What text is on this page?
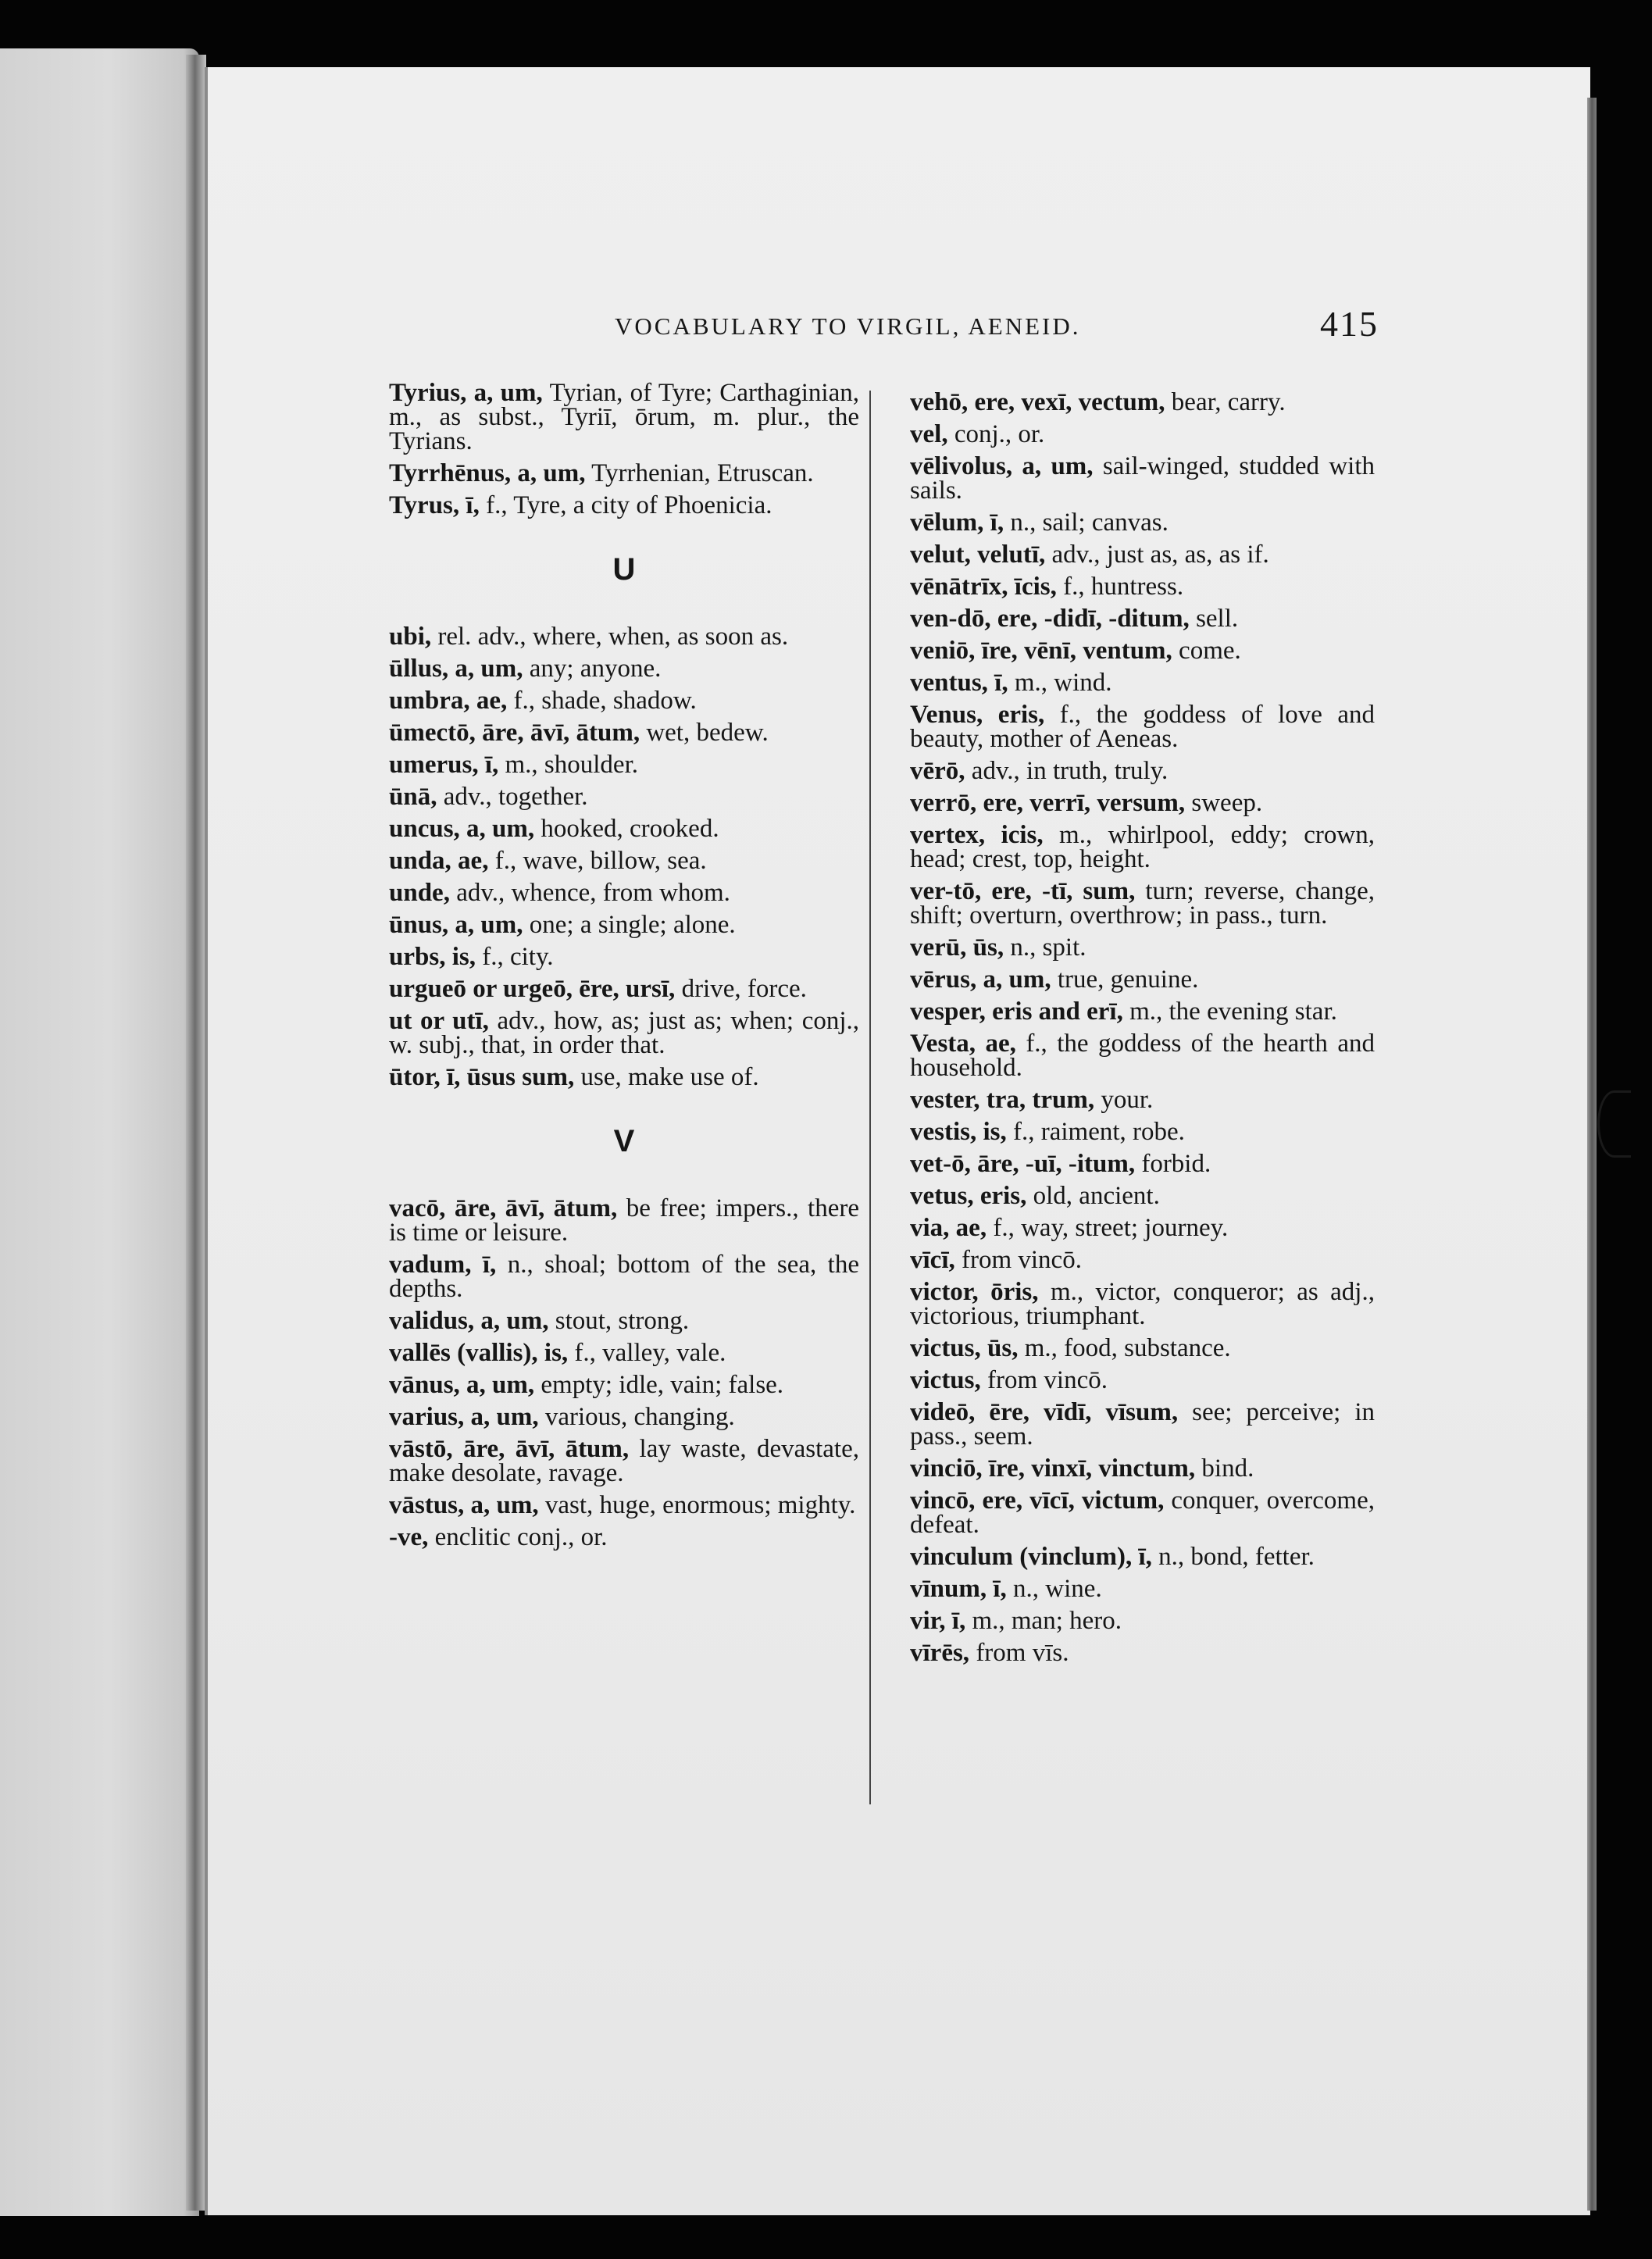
VOCABULARY TO VIRGIL, AENEID.	415
Tyrius, a, um, Tyrian, of Tyre; Carthaginian, m., as subst., Tyriī, ōrum, m. plur., the Tyrians.
Tyrrhēnus, a, um, Tyrrhenian, Etruscan.
Tyrus, ī, f., Tyre, a city of Phoenicia.
U
ubi, rel. adv., where, when, as soon as.
ūllus, a, um, any; anyone.
umbra, ae, f., shade, shadow.
ūmectō, āre, āvī, ātum, wet, bedew.
umerus, ī, m., shoulder.
ūnā, adv., together.
uncus, a, um, hooked, crooked.
unda, ae, f., wave, billow, sea.
unde, adv., whence, from whom.
ūnus, a, um, one; a single; alone.
urbs, is, f., city.
urgueō or urgeō, ēre, ursī, drive, force.
ut or utī, adv., how, as; just as; when; conj., w. subj., that, in order that.
ūtor, ī, ūsus sum, use, make use of.
V
vacō, āre, āvī, ātum, be free; impers., there is time or leisure.
vadum, ī, n., shoal; bottom of the sea, the depths.
validus, a, um, stout, strong.
vallēs (vallis), is, f., valley, vale.
vānus, a, um, empty; idle, vain; false.
varius, a, um, various, changing.
vāstō, āre, āvī, ātum, lay waste, devastate, make desolate, ravage.
vāstus, a, um, vast, huge, enormous; mighty.
-ve, enclitic conj., or.
vehō, ere, vexī, vectum, bear, carry.
vel, conj., or.
vēlivolus, a, um, sail-winged, studded with sails.
vēlum, ī, n., sail; canvas.
velut, velutī, adv., just as, as, as if.
vēnātrīx, īcis, f., huntress.
ven-dō, ere, -didī, -ditum, sell.
veniō, īre, vēnī, ventum, come.
ventus, ī, m., wind.
Venus, eris, f., the goddess of love and beauty, mother of Aeneas.
vērō, adv., in truth, truly.
verrō, ere, verrī, versum, sweep.
vertex, icis, m., whirlpool, eddy; crown, head; crest, top, height.
ver-tō, ere, -tī, sum, turn; reverse, change, shift; overturn, overthrow; in pass., turn.
verū, ūs, n., spit.
vērus, a, um, true, genuine.
vesper, eris and erī, m., the evening star.
Vesta, ae, f., the goddess of the hearth and household.
vester, tra, trum, your.
vestis, is, f., raiment, robe.
vet-ō, āre, -uī, -itum, forbid.
vetus, eris, old, ancient.
via, ae, f., way, street; journey.
vīcī, from vincō.
victor, ōris, m., victor, conqueror; as adj., victorious, triumphant.
victus, ūs, m., food, substance.
victus, from vincō.
videō, ēre, vīdī, vīsum, see; perceive; in pass., seem.
vinciō, īre, vinxī, vinctum, bind.
vincō, ere, vīcī, victum, conquer, overcome, defeat.
vinculum (vinclum), ī, n., bond, fetter.
vīnum, ī, n., wine.
vir, ī, m., man; hero.
vīrēs, from vīs.
